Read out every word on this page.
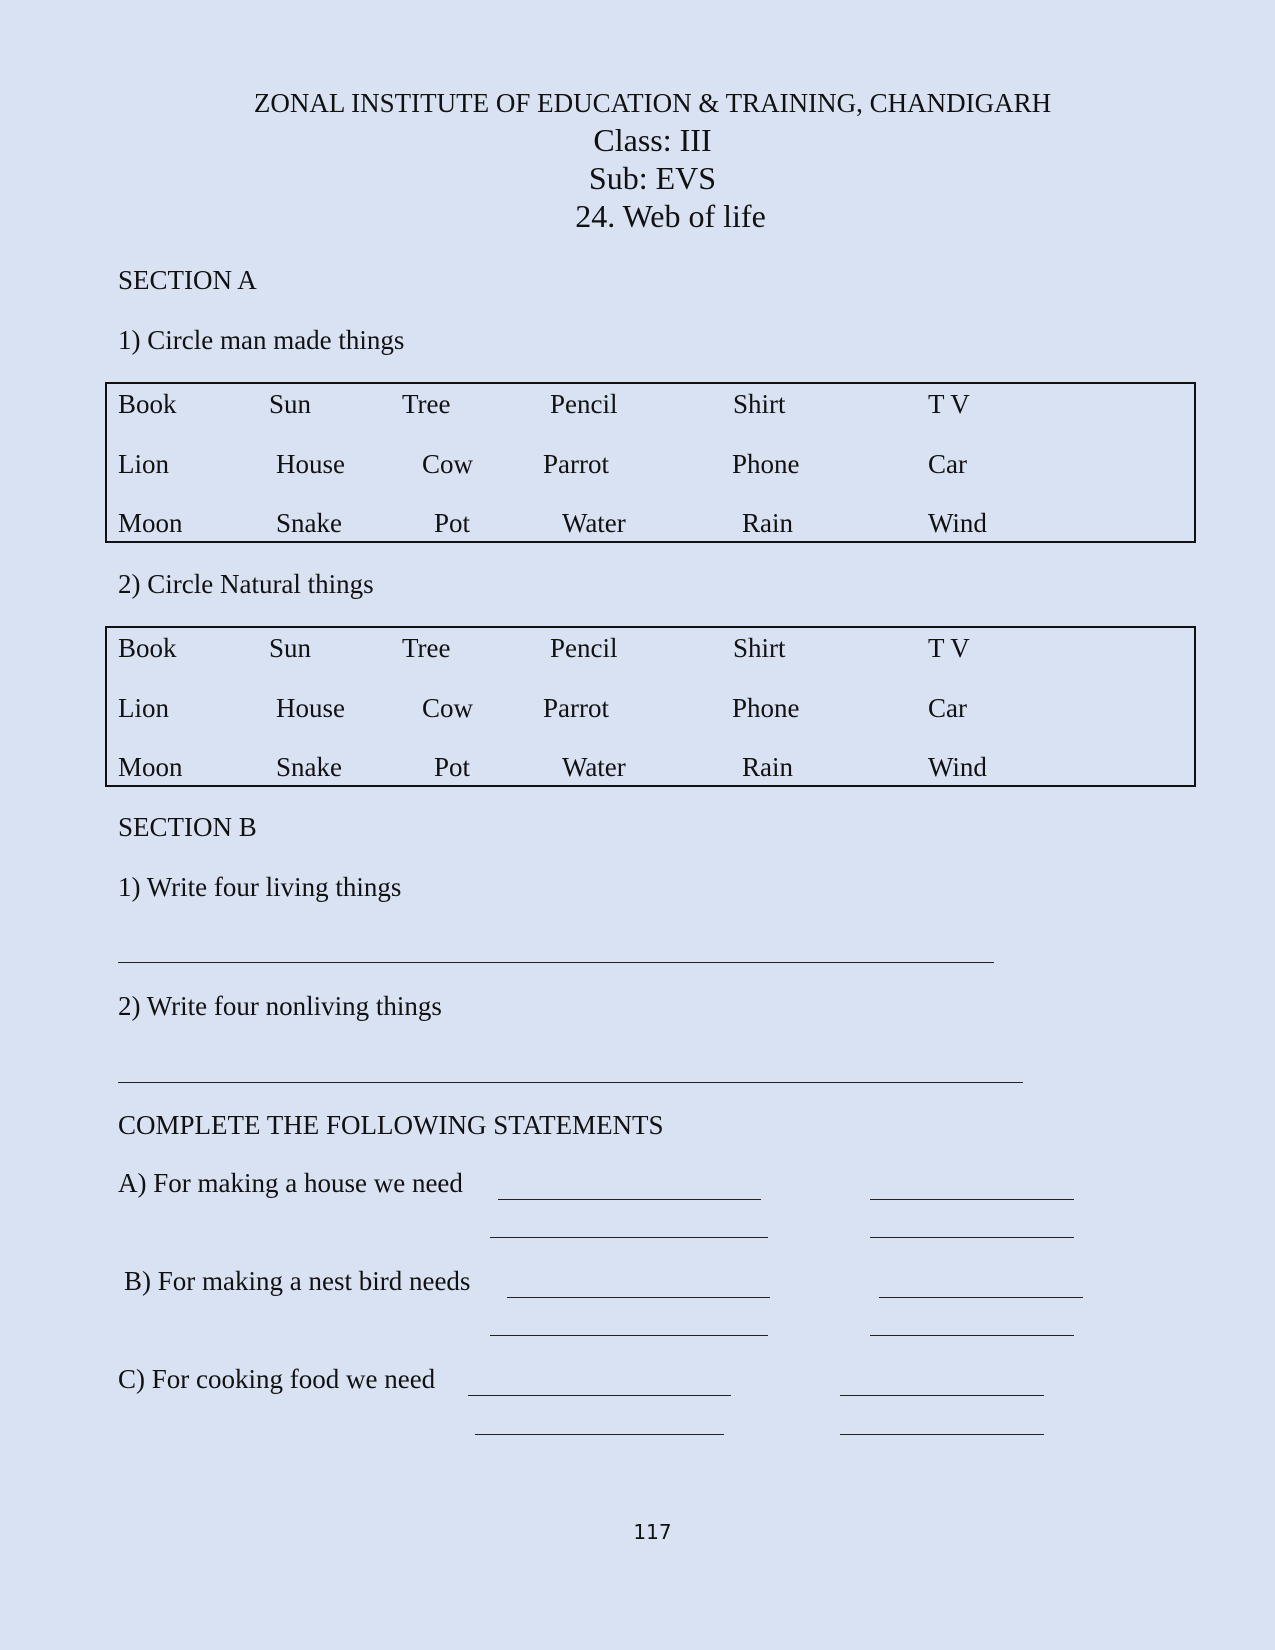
ZONAL INSTITUTE OF EDUCATION & TRAINING, CHANDIGARH
Class: III
Sub: EVS
24. Web of life
SECTION A
1) Circle man made things
Book	Sun	Tree	Pencil	Shirt	T V
Lion	House	Cow	Parrot	Phone	Car
Moon	Snake	Pot	Water	Rain	Wind
2) Circle Natural things
Book	Sun	Tree	Pencil	Shirt	T V
Lion	House	Cow	Parrot	Phone	Car
Moon	Snake	Pot	Water	Rain	Wind
SECTION B
1) Write four living things
2) Write four nonliving things
COMPLETE THE FOLLOWING STATEMENTS
A) For making a house we need
B) For making a nest bird needs
C) For cooking food we need
117
